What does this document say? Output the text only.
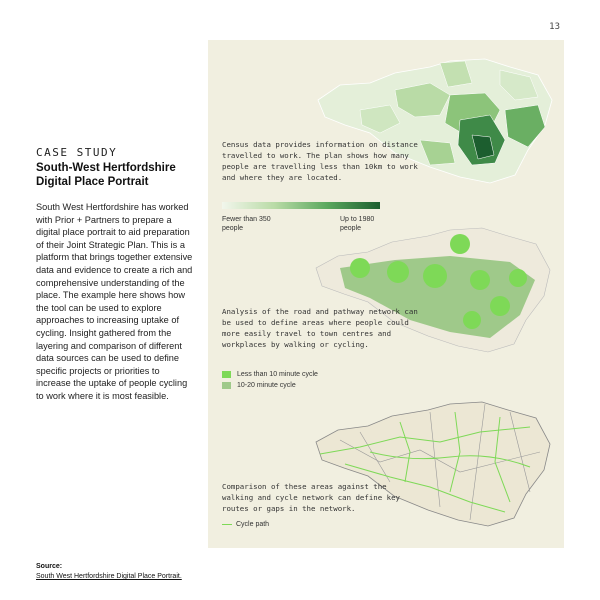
13
CASE STUDY
South-West Hertfordshire
Digital Place Portrait

South West Hertfordshire has worked with Prior + Partners to prepare a digital place portrait to aid preparation of their Joint Strategic Plan. This is a platform that brings together extensive data and evidence to create a rich and comprehensive understanding of the place. The example here shows how the tool can be used to explore approaches to increasing uptake of cycling. Insight gathered from the layering and comparison of different data sources can be used to define specific projects or priorities to increase the uptake of people cycling to work where it is most feasible.

Source:
South West Hertfordshire Digital Place Portrait.
Census data provides information on distance travelled to work. The plan shows how many people are travelling less than 10km to work and where they are located.
Fewer than 350 people
Up to 1980 people
Analysis of the road and pathway network can be used to define areas where people could more easily travel to town centres and workplaces by walking or cycling.
Less than 10 minute cycle
10-20 minute cycle
Comparison of these areas against the walking and cycle network can define key routes or gaps in the network.
Cycle path
